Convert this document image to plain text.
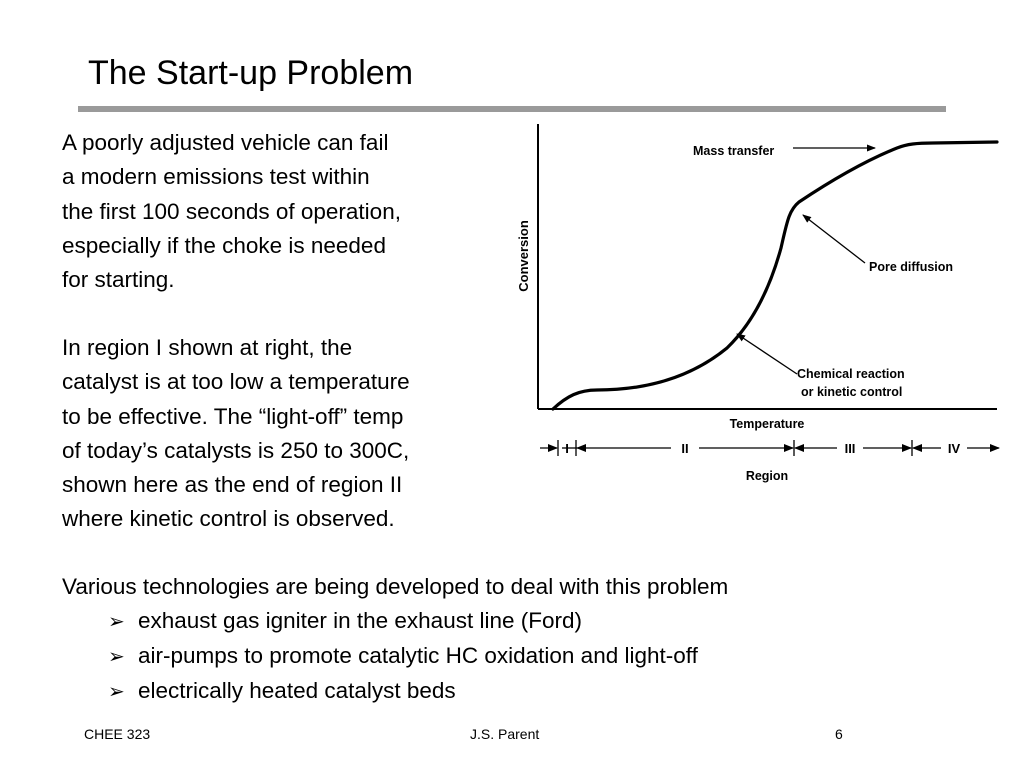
The Start-up Problem
A poorly adjusted vehicle can fail
a modern emissions test within
the first 100 seconds of operation,
especially if the choke is needed
for starting.
In region I shown at right, the
catalyst is at too low a temperature
to be effective. The “light-off” temp
of today’s catalysts is 250 to 300C,
shown here as the end of region II
where kinetic control is observed.
Conversion
Mass transfer
Pore diffusion
Chemical reaction
or kinetic control
Temperature
I	II	III	IV
Region
Various technologies are being developed to deal with this problem
➢ exhaust gas igniter in the exhaust line (Ford)
➢ air-pumps to promote catalytic HC oxidation and light-off
➢ electrically heated catalyst beds
CHEE 323	J.S. Parent	6
